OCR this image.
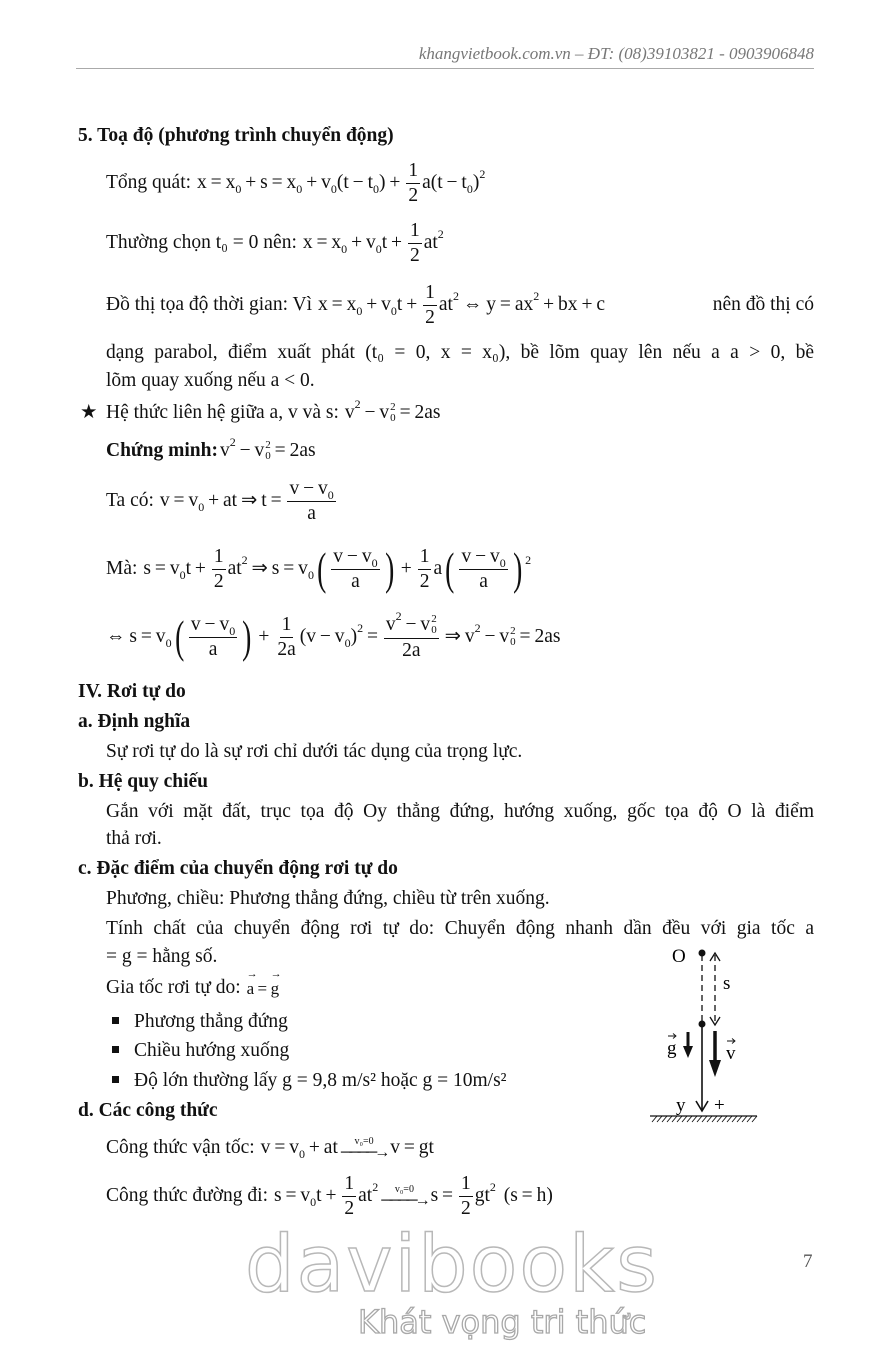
khangvietbook.com.vn – ĐT: (08)39103821 - 0903906848
5. Toạ độ (phương trình chuyển động)
Tổng quát: x = x 0  + s = x 0  + v 0 (t − t 0 ) +  $\frac{1}{2} a(t - t$ 0 ) 2
Thường chọn t₀ = 0 nên: x = x 0  + v 0 $t + \frac{1}{2}$ at 2
Đồ thị tọa độ thời gian: Vì x = x 0  + v 0 $t + \frac{1}{2}$ at 2  ⇔ y = ax 2  + bx + c	nên đồ thị có
dạng parabol, điểm xuất phát (t₀ = 0, x = x₀), bề lõm quay lên nếu a a > 0, bề
lõm quay xuống nếu a < 0.
★ Hệ thức liên hệ giữa a, v và s: v 2  − v 2
0  = 2as
Chứng minh: v 2  − v 2
0  = 2as
Ta có: v = v 0  + at ⇒ $t = \frac{v - v 0}{a}$
Mà: s = v 0 $t + \frac{1}{2}$ at 2  ⇒ s = v 0 ( $\frac{v - v 0}{a}$ )  +  $\frac{1}{2}$ a ( $\frac{v - v 0}{a}$ ) 2
⇔ s = v 0 ( $\frac{v - v 0}{a}$ )  +  $\frac{1}{2a} (v - v$ 0 ) 2  =  v 2  − v 2
0
2a  ⇒ v 2  − v 2
0  = 2as
IV. Rơi tự do
a. Định nghĩa
Sự rơi tự do là sự rơi chỉ dưới tác dụng của trọng lực.
b. Hệ quy chiếu
Gắn với mặt đất, trục tọa độ Oy thẳng đứng, hướng xuống, gốc tọa độ O là điểm
thả rơi.
c. Đặc điểm của chuyển động rơi tự do
Phương, chiều: Phương thẳng đứng, chiều từ trên xuống.
Tính chất của chuyển động rơi tự do: Chuyển động nhanh dần đều với gia tốc a
= g = hằng số.
Gia tốc rơi tự do: → a  =  → g
Phương thẳng đứng
Chiều hướng xuống
Độ lớn thường lấy g = 9,8 m/s² hoặc g = 10m/s²
d. Các công thức
Công thức vận tốc: v = v 0  + at v₀=0
────→ v = gt
Công thức đường đi: s = v 0 $t + \frac{1}{2}$ at 2 v₀=0
────→ $s = \frac{1}{2}$ gt 2   (s = h)
O
s
g	v
y +
7
davibooks
Khát vọng tri thức
